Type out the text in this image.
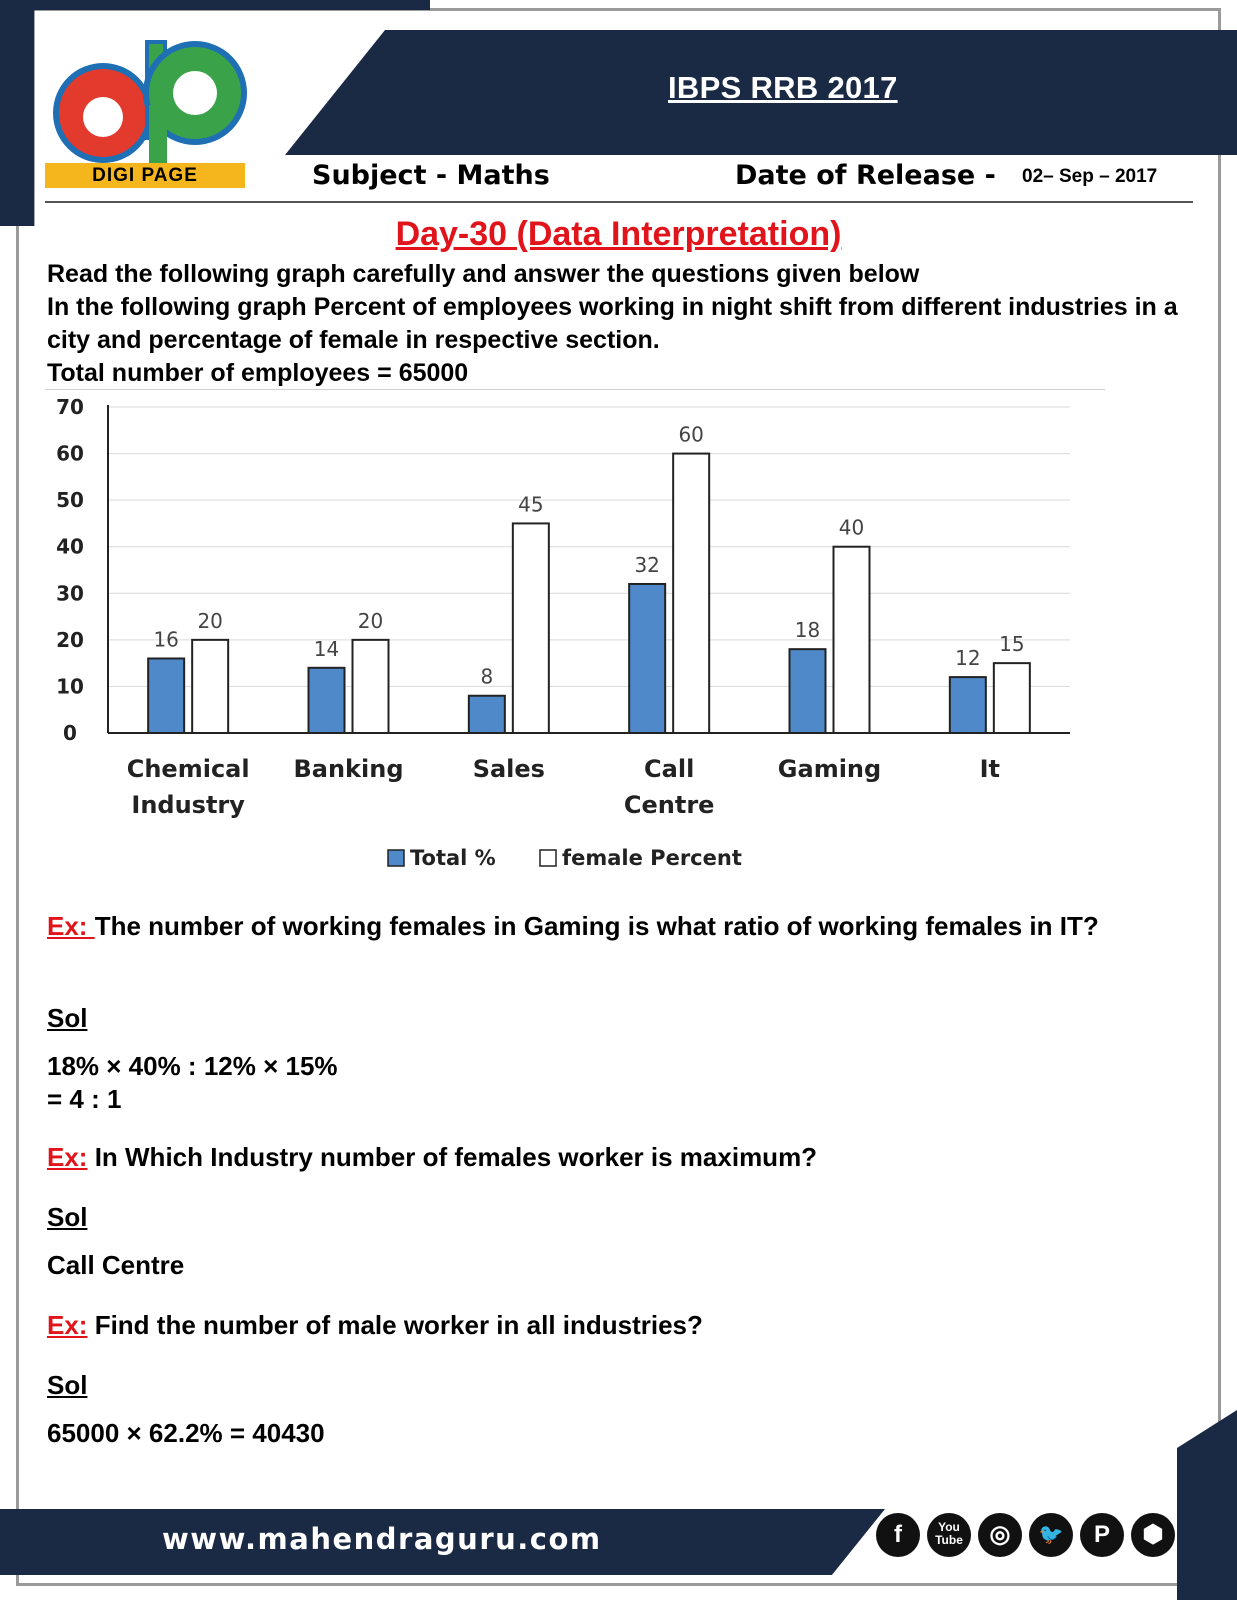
IBPS RRB 2017
DIGI PAGE	Subject - Maths	Date of Release - 02– Sep – 2017
Day-30 (Data Interpretation)
Read the following graph carefully and answer the questions given below
In the following graph Percent of employees working in night shift from different industries in a city and percentage of female in respective section.
Total number of employees = 65000
0
10
20
30
40
50
60
70
16
20
Chemical
Industry
14
20
Banking
8
45
Sales
32
60
Call
Centre
18
40
Gaming
12
15
It
Total %	female Percent
Ex: The number of working females in Gaming is what ratio of working females in IT?
Sol
18% × 40% : 12% × 15%
= 4 : 1
Ex: In Which Industry number of females worker is maximum?
Sol
Call Centre
Ex: Find the number of male worker in all industries?
Sol
65000 × 62.2% = 40430
www.mahendraguru.com	f	You Tube	◎	🐦	P	⬢
